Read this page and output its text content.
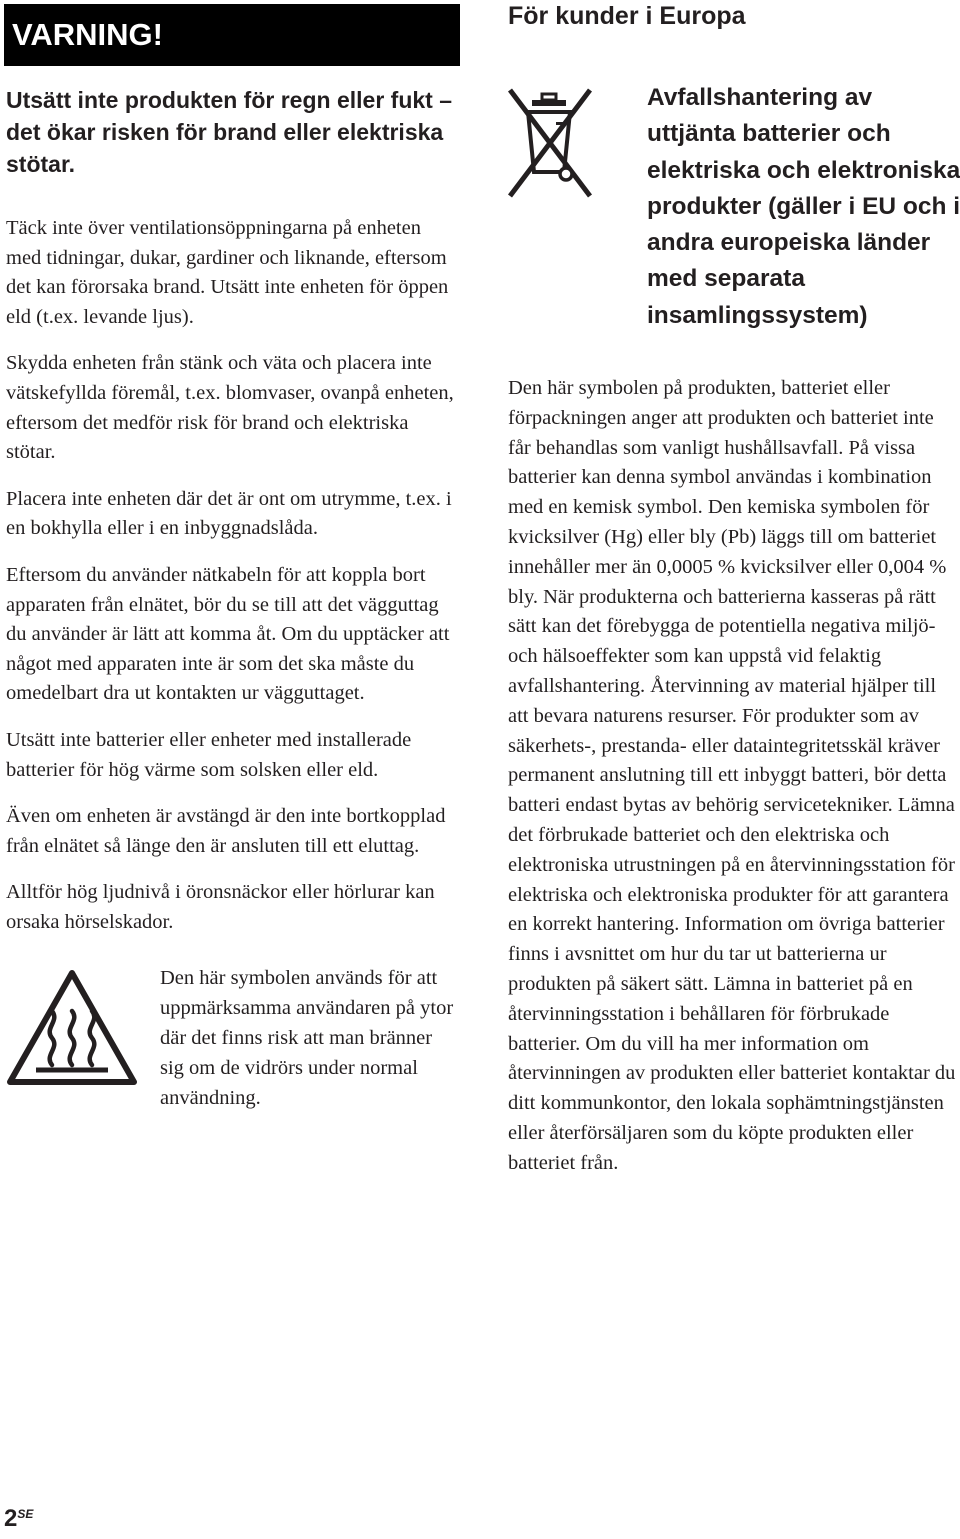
VARNING!
Utsätt inte produkten för regn eller fukt – det ökar risken för brand eller elektriska stötar.

Täck inte över ventilationsöppningarna på enheten med tidningar, dukar, gardiner och liknande, eftersom det kan förorsaka brand. Utsätt inte enheten för öppen eld (t.ex. levande ljus).

Skydda enheten från stänk och väta och placera inte vätskefyllda föremål, t.ex. blomvaser, ovanpå enheten, eftersom det medför risk för brand och elektriska stötar.

Placera inte enheten där det är ont om utrymme, t.ex. i en bokhylla eller i en inbyggnadslåda.

Eftersom du använder nätkabeln för att koppla bort apparaten från elnätet, bör du se till att det vägguttag du använder är lätt att komma åt. Om du upptäcker att något med apparaten inte är som det ska måste du omedelbart dra ut kontakten ur vägguttaget.

Utsätt inte batterier eller enheter med installerade batterier för hög värme som solsken eller eld.

Även om enheten är avstängd är den inte bortkopplad från elnätet så länge den är ansluten till ett eluttag.

Alltför hög ljudnivå i öronsnäckor eller hörlurar kan orsaka hörselskador.

Den här symbolen används för att uppmärksamma användaren på ytor där det finns risk att man bränner sig om de vidrörs under normal användning.
För kunder i Europa
Avfallshantering av uttjänta batterier och elektriska och elektroniska produkter (gäller i EU och i andra europeiska länder med separata insamlingssystem)
Den här symbolen på produkten, batteriet eller förpackningen anger att produkten och batteriet inte får behandlas som vanligt hushållsavfall. På vissa batterier kan denna symbol användas i kombination med en kemisk symbol. Den kemiska symbolen för kvicksilver (Hg) eller bly (Pb) läggs till om batteriet innehåller mer än 0,0005 % kvicksilver eller 0,004 % bly. När produkterna och batterierna kasseras på rätt sätt kan det förebygga de potentiella negativa miljö- och hälsoeffekter som kan uppstå vid felaktig avfallshantering. Återvinning av material hjälper till att bevara naturens resurser. För produkter som av säkerhets-, prestanda- eller dataintegritetsskäl kräver permanent anslutning till ett inbyggt batteri, bör detta batteri endast bytas av behörig servicetekniker. Lämna det förbrukade batteriet och den elektriska och elektroniska utrustningen på en återvinningsstation för elektriska och elektroniska produkter för att garantera en korrekt hantering. Information om övriga batterier finns i avsnittet om hur du tar ut batterierna ur produkten på säkert sätt. Lämna in batteriet på en återvinningsstation i behållaren för förbrukade batterier. Om du vill ha mer information om återvinningen av produkten eller batteriet kontaktar du ditt kommunkontor, den lokala sophämtningstjänsten eller återförsäljaren som du köpte produkten eller batteriet från.
$2^{SE}$
